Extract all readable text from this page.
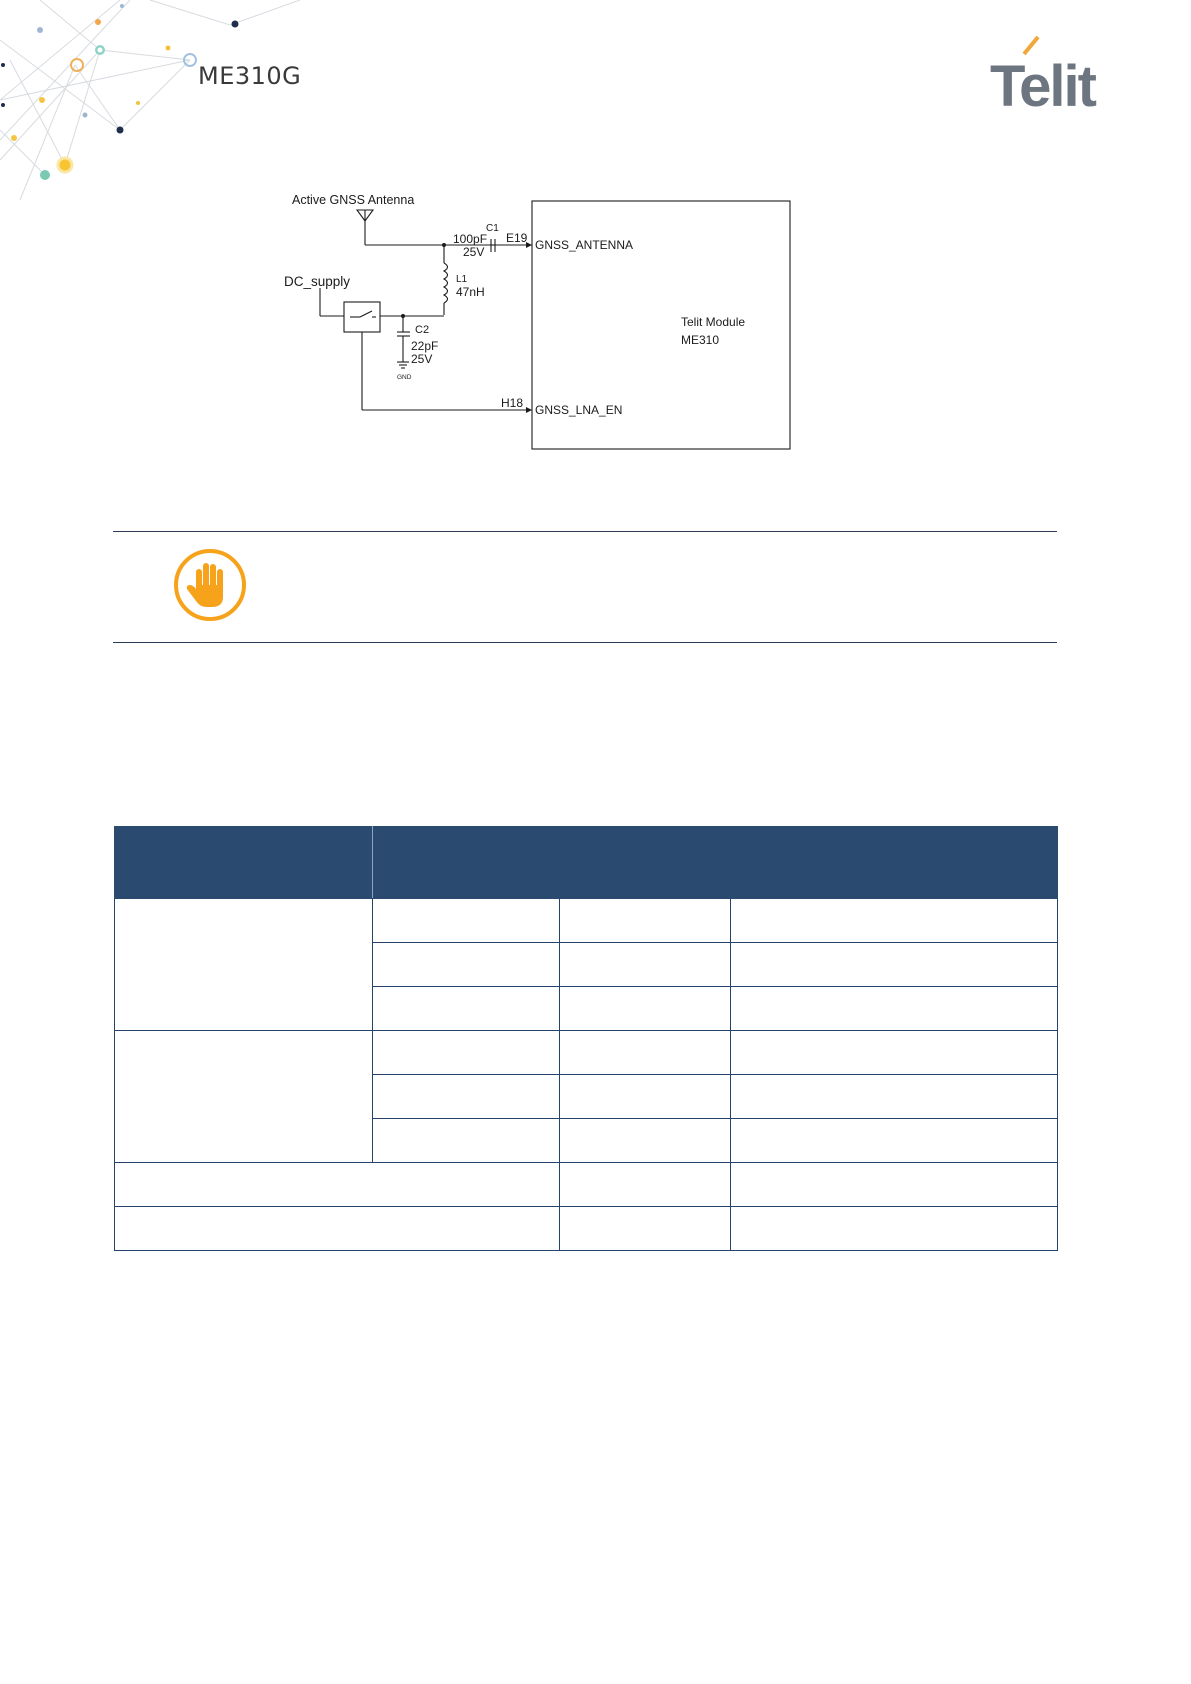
ME310G	Telit
Active GNSS Antenna
DC_supply
C1
100pF
25V
E19 GNSS_ANTENNA
L1
47nH
C2
22pF
25V
GND
H18 GNSS_LNA_EN
Telit Module
ME310
